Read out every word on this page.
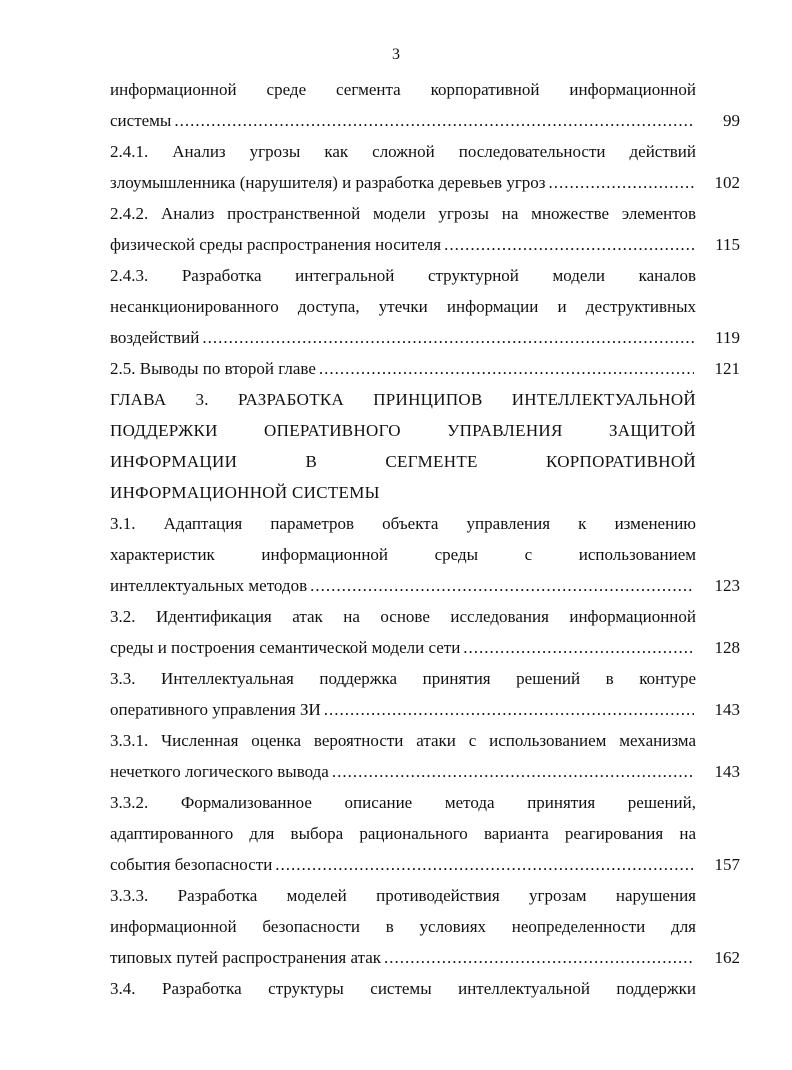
3
информационной среде сегмента корпоративной информационной
системы .....	99
2.4.1. Анализ угрозы как сложной последовательности действий
злоумышленника (нарушителя) и разработка деревьев угроз .....	102
2.4.2. Анализ пространственной модели угрозы на множестве элементов
физической среды распространения носителя .....	115
2.4.3. Разработка интегральной структурной модели каналов
несанкционированного доступа, утечки информации и деструктивных
воздействий .....	119
2.5. Выводы по второй главе .....	121
ГЛАВА 3. РАЗРАБОТКА ПРИНЦИПОВ ИНТЕЛЛЕКТУАЛЬНОЙ
ПОДДЕРЖКИ ОПЕРАТИВНОГО УПРАВЛЕНИЯ ЗАЩИТОЙ
ИНФОРМАЦИИ В СЕГМЕНТЕ КОРПОРАТИВНОЙ
ИНФОРМАЦИОННОЙ СИСТЕМЫ
3.1. Адаптация параметров объекта управления к изменению
характеристик информационной среды с использованием
интеллектуальных методов .....	123
3.2. Идентификация атак на основе исследования информационной
среды и построения семантической модели сети .....	128
3.3. Интеллектуальная поддержка принятия решений в контуре
оперативного управления ЗИ .....	143
3.3.1. Численная оценка вероятности атаки с использованием механизма
нечеткого логического вывода .....	143
3.3.2. Формализованное описание метода принятия решений,
адаптированного для выбора рационального варианта реагирования на
события безопасности .....	157
3.3.3. Разработка моделей противодействия угрозам нарушения
информационной безопасности в условиях неопределенности для
типовых путей распространения атак .....	162
3.4. Разработка структуры системы интеллектуальной поддержки
